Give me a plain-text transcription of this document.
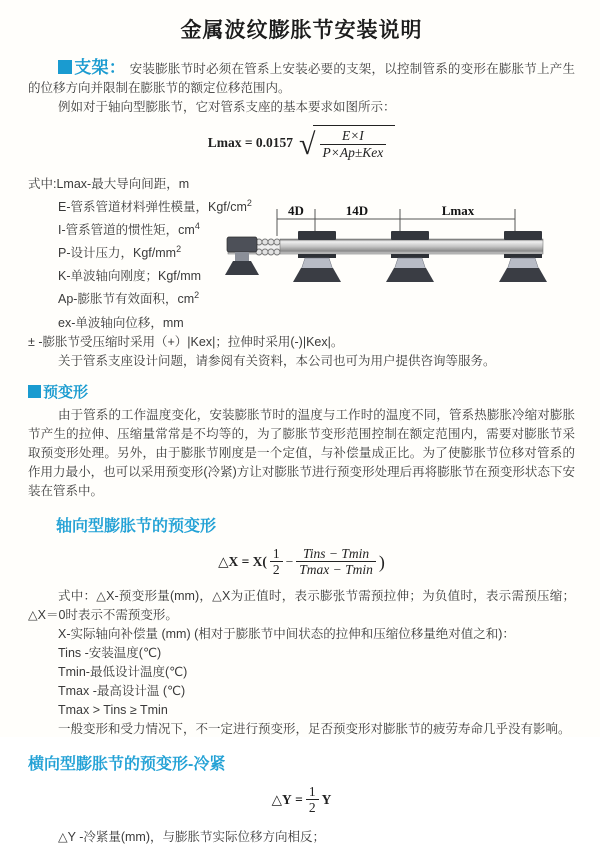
金属波纹膨胀节安装说明

支架： 安装膨胀节时必须在管系上安装必要的支架，以控制管系的变形在膨胀节上产生的位移方向并限制在膨胀节的额定位移范围内。

例如对于轴向型膨胀节，它对管系支座的基本要求如图所示：

Lmax
= 0.0157 √ $\frac{E\times I}{\text{P×Ap±Kex}}$
式中:Lmax-最大导向间距，m
E-管系管道材料弹性模量，Kgf/$cm^2$
I-管系管道的惯性矩，$cm^4$
P-设计压力，Kgf/$mm^2$
K-单波轴向刚度；Kgf/mm
Ap-膨胀节有效面积，$cm^2$
ex-单波轴向位移，mm
4D	14D	Lmax

± -膨胀节受压缩时采用（+）|Kex|；拉伸时采用(-)|Kex|。

关于管系支座设计问题，请参阅有关资料，本公司也可为用户提供咨询等服务。

预变形

由于管系的工作温度变化，安装膨胀节时的温度与工作时的温度不同，管系热膨胀冷缩对膨胀节产生的拉伸、压缩量常常是不均等的，为了膨胀节变形范围控制在额定范围内，需要对膨胀节采取预变形处理。另外，由于膨胀节刚度是一个定值，与补偿量成正比。为了使膨胀节位移对管系的作用力最小，也可以采用预变形(冷紧)方让对膨胀节进行预变形处理后再将膨胀节在预变形状态下安装在管系中。

轴向型膨胀节的预变形
△X
= $X( \frac{1}{2} - \frac{\text{Tins − Tmin}}{Tmax - Tmin}$ )

式中：△X-预变形量(mm)，△X为正值时，表示膨张节需预拉伸；为负值时，表示需预压缩；△X＝0时表示不需预变形。

X-实际轴向补偿量 (mm) (相对于膨胀节中间状态的拉伸和压缩位移量绝对值之和)：
Tins -安装温度(℃)
Tmin-最低设计温度(℃)
Tmax -最高设计温 (℃)
Tmax > Tins ≥ Tmin

一般变形和受力情况下，不一定进行预变形，足否预变形对膨胀节的疲劳寿命几乎没有影响。

横向型膨胀节的预变形-冷紧
△Y
= $\frac{1}{2}$ Y

△Y -冷紧量(mm)，与膨胀节实际位移方向相反；
